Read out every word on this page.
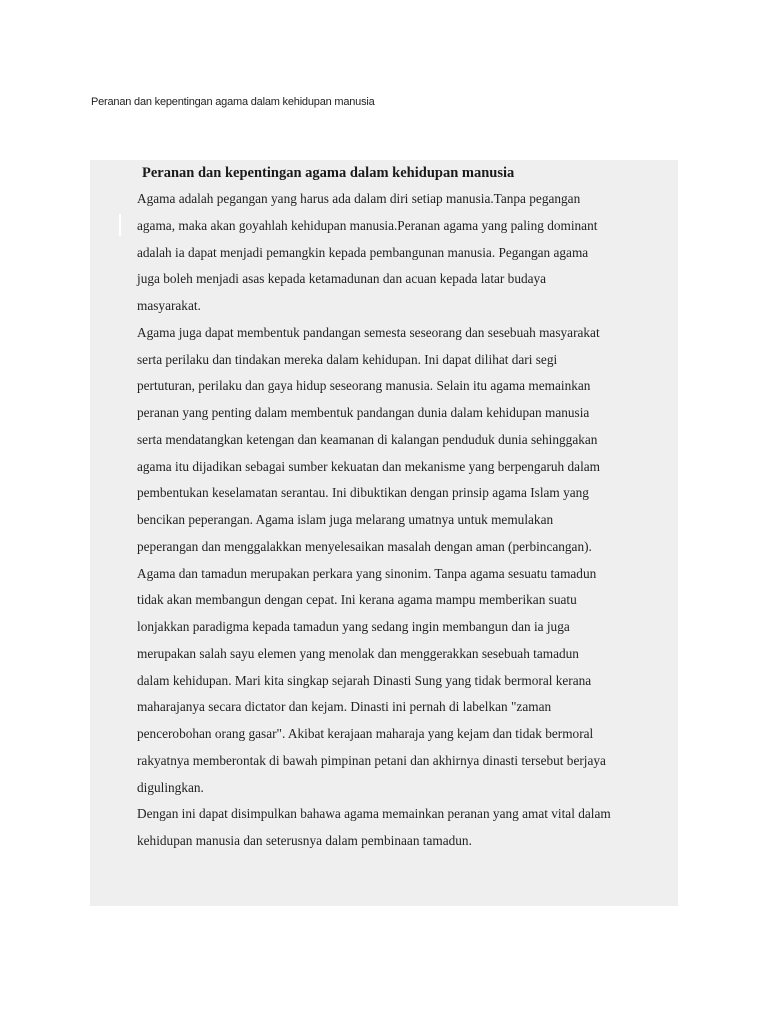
Peranan dan kepentingan agama dalam kehidupan manusia
Peranan dan kepentingan agama dalam kehidupan manusia
Agama adalah pegangan yang harus ada dalam diri setiap manusia.Tanpa pegangan
agama, maka akan goyahlah kehidupan manusia.Peranan agama yang paling dominant
adalah ia dapat menjadi pemangkin kepada pembangunan manusia. Pegangan agama
juga boleh menjadi asas kepada ketamadunan dan acuan kepada latar budaya
masyarakat.
Agama juga dapat membentuk pandangan semesta seseorang dan sesebuah masyarakat
serta perilaku dan tindakan mereka dalam kehidupan. Ini dapat dilihat dari segi
pertuturan, perilaku dan gaya hidup seseorang manusia. Selain itu agama memainkan
peranan yang penting dalam membentuk pandangan dunia dalam kehidupan manusia
serta mendatangkan ketengan dan keamanan di kalangan penduduk dunia sehinggakan
agama itu dijadikan sebagai sumber kekuatan dan mekanisme yang berpengaruh dalam
pembentukan keselamatan serantau. Ini dibuktikan dengan prinsip agama Islam yang
bencikan peperangan. Agama islam juga melarang umatnya untuk memulakan
peperangan dan menggalakkan menyelesaikan masalah dengan aman (perbincangan).
Agama dan tamadun merupakan perkara yang sinonim. Tanpa agama sesuatu tamadun
tidak akan membangun dengan cepat. Ini kerana agama mampu memberikan suatu
lonjakkan paradigma kepada tamadun yang sedang ingin membangun dan ia juga
merupakan salah sayu elemen yang menolak dan menggerakkan sesebuah tamadun
dalam kehidupan. Mari kita singkap sejarah Dinasti Sung yang tidak bermoral kerana
maharajanya secara dictator dan kejam. Dinasti ini pernah di labelkan "zaman
pencerobohan orang gasar". Akibat kerajaan maharaja yang kejam dan tidak bermoral
rakyatnya memberontak di bawah pimpinan petani dan akhirnya dinasti tersebut berjaya
digulingkan.
Dengan ini dapat disimpulkan bahawa agama memainkan peranan yang amat vital dalam
kehidupan manusia dan seterusnya dalam pembinaan tamadun.
